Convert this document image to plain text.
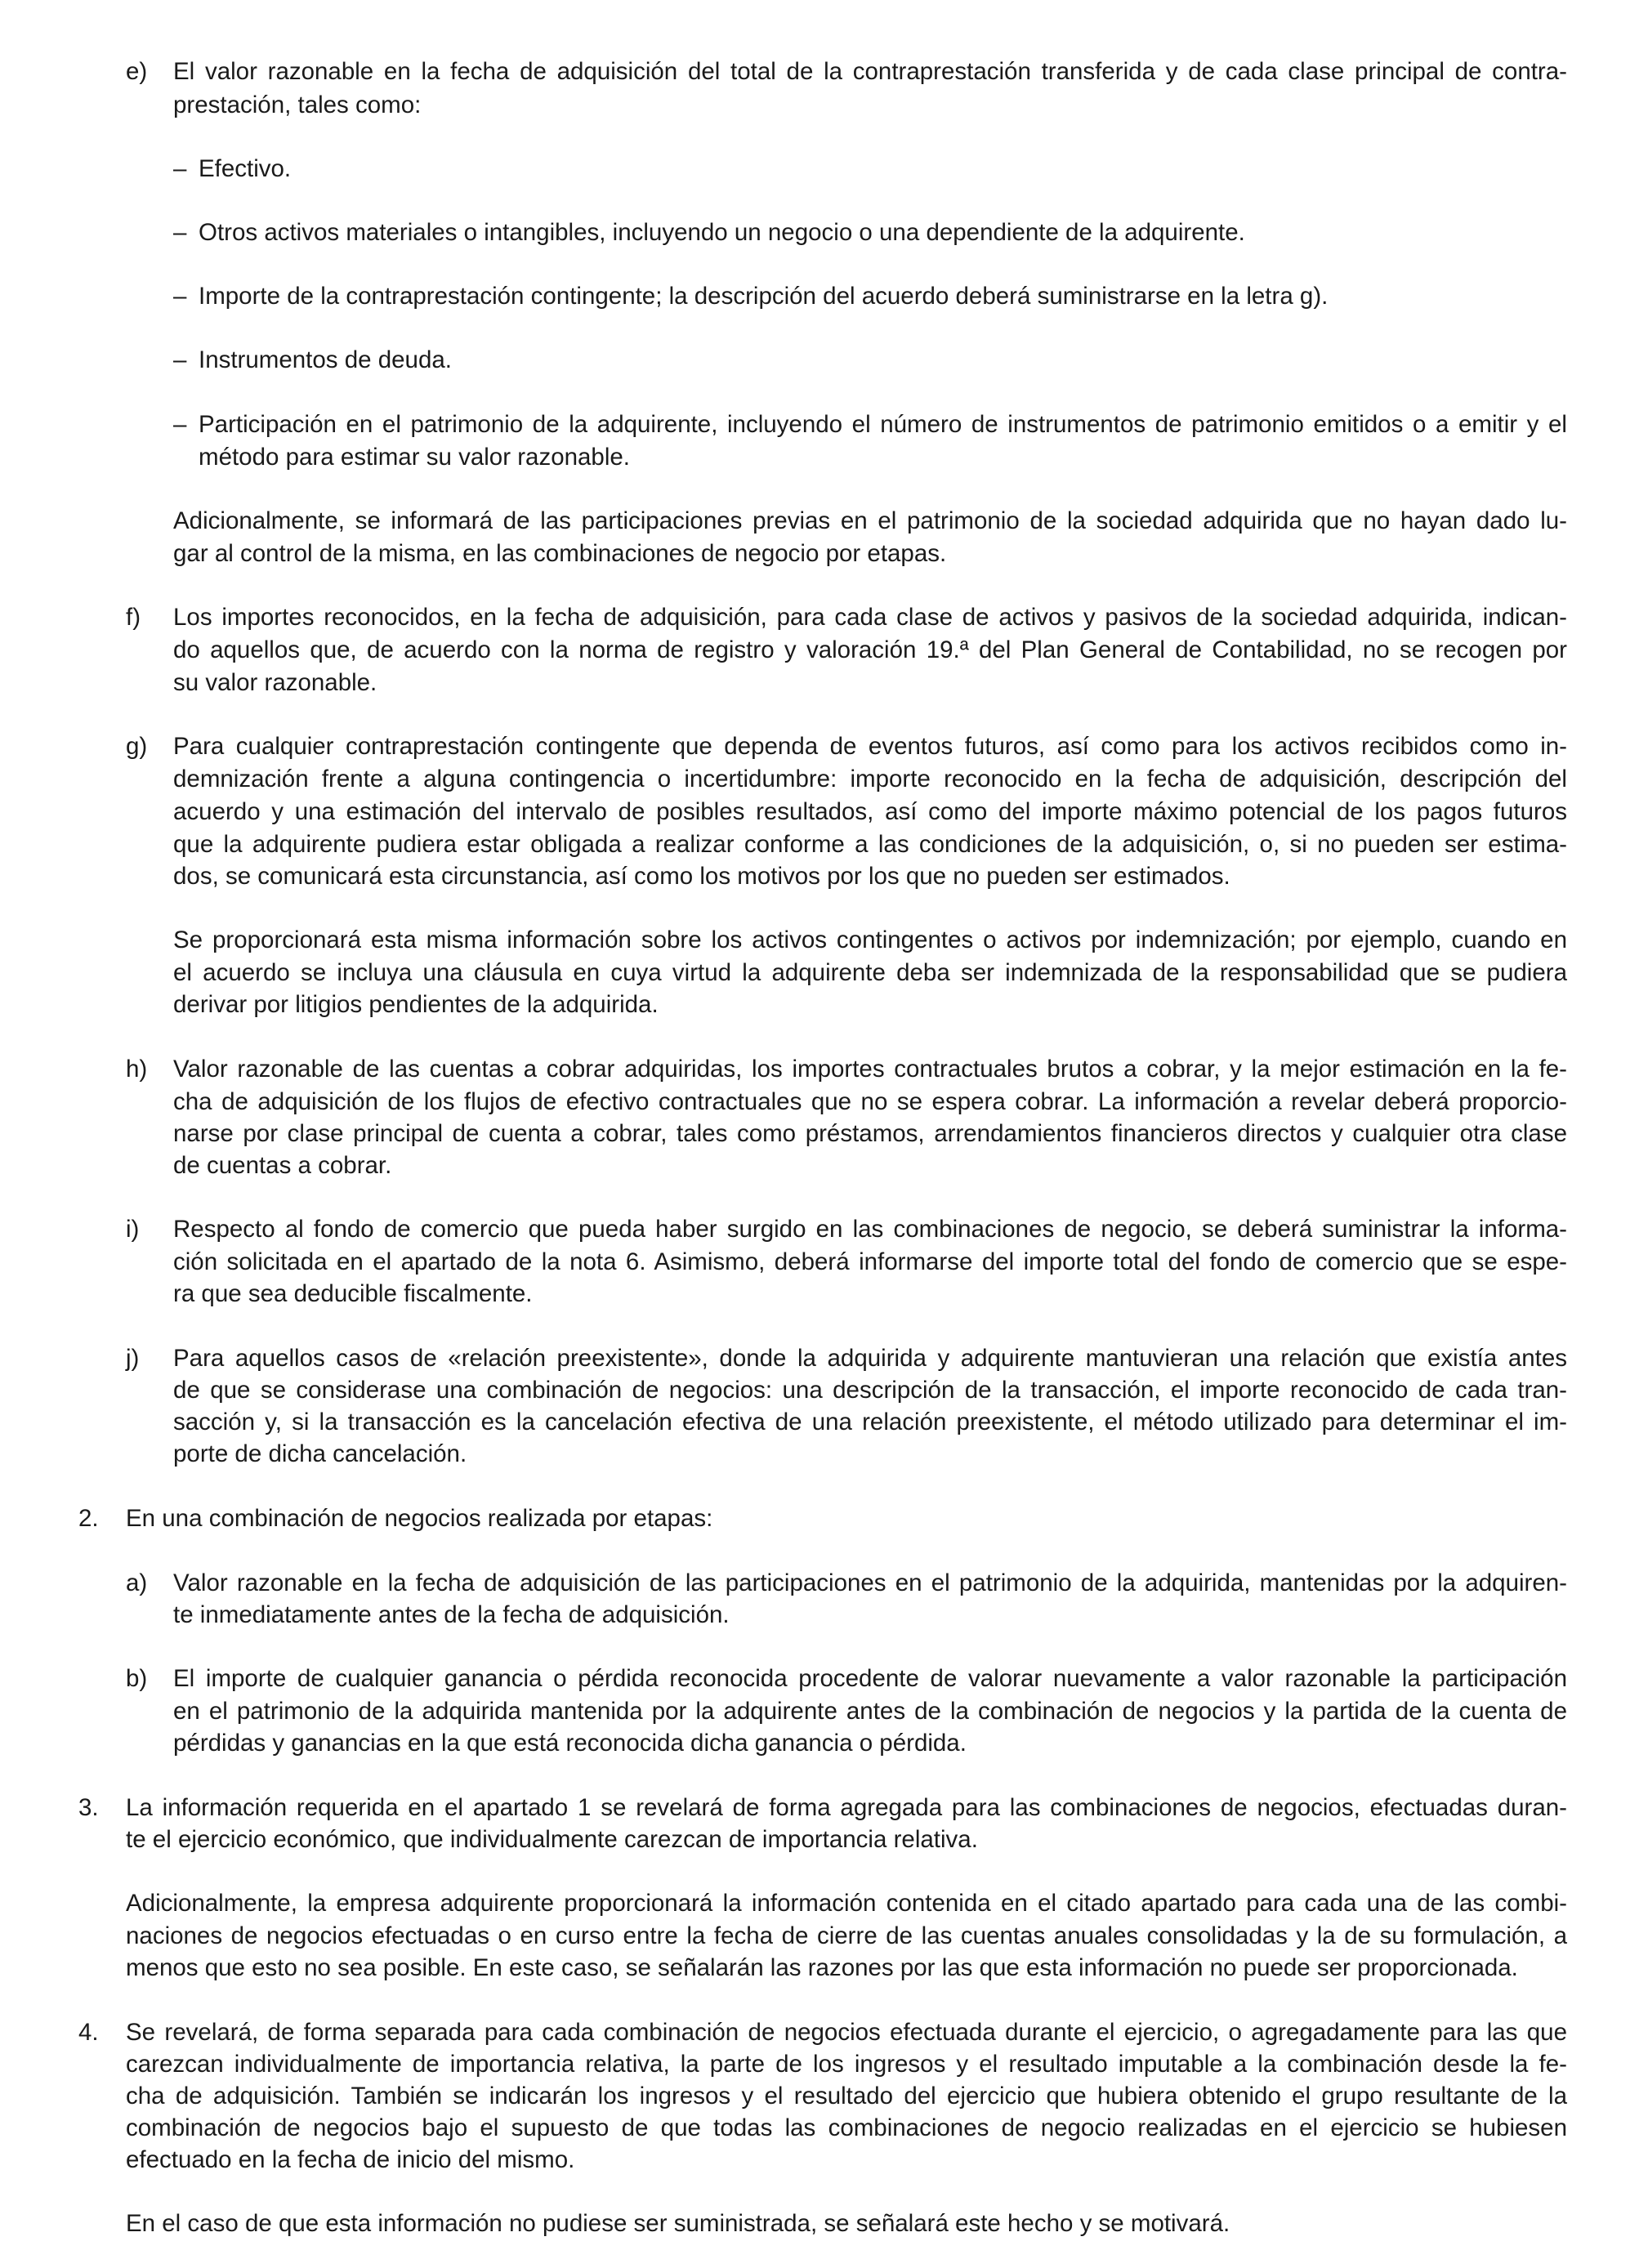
e) El valor razonable en la fecha de adquisición del total de la contraprestación transferida y de cada clase principal de contra-

prestación, tales como:

– Efectivo.

– Otros activos materiales o intangibles, incluyendo un negocio o una dependiente de la adquirente.

– Importe de la contraprestación contingente; la descripción del acuerdo deberá suministrarse en la letra g).

– Instrumentos de deuda.

– Participación en el patrimonio de la adquirente, incluyendo el número de instrumentos de patrimonio emitidos o a emitir y el

método para estimar su valor razonable.

Adicionalmente, se informará de las participaciones previas en el patrimonio de la sociedad adquirida que no hayan dado lu-

gar al control de la misma, en las combinaciones de negocio por etapas.

f) Los importes reconocidos, en la fecha de adquisición, para cada clase de activos y pasivos de la sociedad adquirida, indican-

do aquellos que, de acuerdo con la norma de registro y valoración 19.ª del Plan General de Contabilidad, no se recogen por

su valor razonable.

g) Para cualquier contraprestación contingente que dependa de eventos futuros, así como para los activos recibidos como in-

demnización frente a alguna contingencia o incertidumbre: importe reconocido en la fecha de adquisición, descripción del

acuerdo y una estimación del intervalo de posibles resultados, así como del importe máximo potencial de los pagos futuros

que la adquirente pudiera estar obligada a realizar conforme a las condiciones de la adquisición, o, si no pueden ser estima-

dos, se comunicará esta circunstancia, así como los motivos por los que no pueden ser estimados.

Se proporcionará esta misma información sobre los activos contingentes o activos por indemnización; por ejemplo, cuando en

el acuerdo se incluya una cláusula en cuya virtud la adquirente deba ser indemnizada de la responsabilidad que se pudiera

derivar por litigios pendientes de la adquirida.

h) Valor razonable de las cuentas a cobrar adquiridas, los importes contractuales brutos a cobrar, y la mejor estimación en la fe-

cha de adquisición de los flujos de efectivo contractuales que no se espera cobrar. La información a revelar deberá proporcio-

narse por clase principal de cuenta a cobrar, tales como préstamos, arrendamientos financieros directos y cualquier otra clase

de cuentas a cobrar.

i) Respecto al fondo de comercio que pueda haber surgido en las combinaciones de negocio, se deberá suministrar la informa-

ción solicitada en el apartado de la nota 6. Asimismo, deberá informarse del importe total del fondo de comercio que se espe-

ra que sea deducible fiscalmente.

j) Para aquellos casos de «relación preexistente», donde la adquirida y adquirente mantuvieran una relación que existía antes

de que se considerase una combinación de negocios: una descripción de la transacción, el importe reconocido de cada tran-

sacción y, si la transacción es la cancelación efectiva de una relación preexistente, el método utilizado para determinar el im-

porte de dicha cancelación.

2. En una combinación de negocios realizada por etapas:

a) Valor razonable en la fecha de adquisición de las participaciones en el patrimonio de la adquirida, mantenidas por la adquiren-

te inmediatamente antes de la fecha de adquisición.

b) El importe de cualquier ganancia o pérdida reconocida procedente de valorar nuevamente a valor razonable la participación

en el patrimonio de la adquirida mantenida por la adquirente antes de la combinación de negocios y la partida de la cuenta de

pérdidas y ganancias en la que está reconocida dicha ganancia o pérdida.

3. La información requerida en el apartado 1 se revelará de forma agregada para las combinaciones de negocios, efectuadas duran-

te el ejercicio económico, que individualmente carezcan de importancia relativa.

Adicionalmente, la empresa adquirente proporcionará la información contenida en el citado apartado para cada una de las combi-

naciones de negocios efectuadas o en curso entre la fecha de cierre de las cuentas anuales consolidadas y la de su formulación, a

menos que esto no sea posible. En este caso, se señalarán las razones por las que esta información no puede ser proporcionada.

4. Se revelará, de forma separada para cada combinación de negocios efectuada durante el ejercicio, o agregadamente para las que

carezcan individualmente de importancia relativa, la parte de los ingresos y el resultado imputable a la combinación desde la fe-

cha de adquisición. También se indicarán los ingresos y el resultado del ejercicio que hubiera obtenido el grupo resultante de la

combinación de negocios bajo el supuesto de que todas las combinaciones de negocio realizadas en el ejercicio se hubiesen

efectuado en la fecha de inicio del mismo.

En el caso de que esta información no pudiese ser suministrada, se señalará este hecho y se motivará.
